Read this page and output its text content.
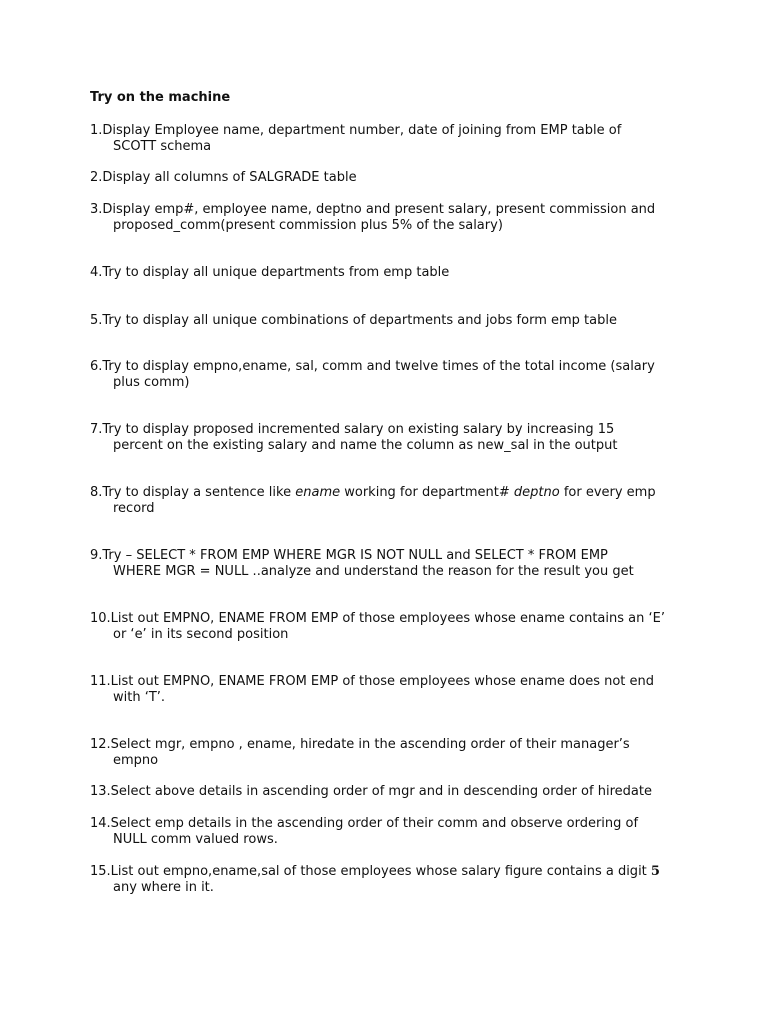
Try on the machine
1.Display Employee name, department number, date of joining from EMP table of
SCOTT schema
2.Display all columns of SALGRADE table
3.Display emp#, employee name, deptno and present salary, present commission and
proposed_comm(present commission plus 5% of the salary)
4.Try to display all unique departments from emp table
5.Try to display all unique combinations of departments and jobs form emp table
6.Try to display empno,ename, sal, comm and twelve times of the total income (salary
plus comm)
7.Try to display proposed incremented salary on existing salary by increasing 15
percent on the existing salary and name the column as new_sal in the output
8.Try to display a sentence like ename working for department# deptno for every emp
record
9.Try – SELECT * FROM EMP WHERE MGR IS NOT NULL and SELECT * FROM EMP
WHERE MGR = NULL ..analyze and understand the reason for the result you get
10.List out EMPNO, ENAME FROM EMP of those employees whose ename contains an ‘E’
or ‘e’ in its second position
11.List out EMPNO, ENAME FROM EMP of those employees whose ename does not end
with ‘T’.
12.Select mgr, empno , ename, hiredate in the ascending order of their manager’s
empno
13.Select above details in ascending order of mgr and in descending order of hiredate
14.Select emp details in the ascending order of their comm and observe ordering of
NULL comm valued rows.
15.List out empno,ename,sal of those employees whose salary figure contains a digit 5
any where in it.
